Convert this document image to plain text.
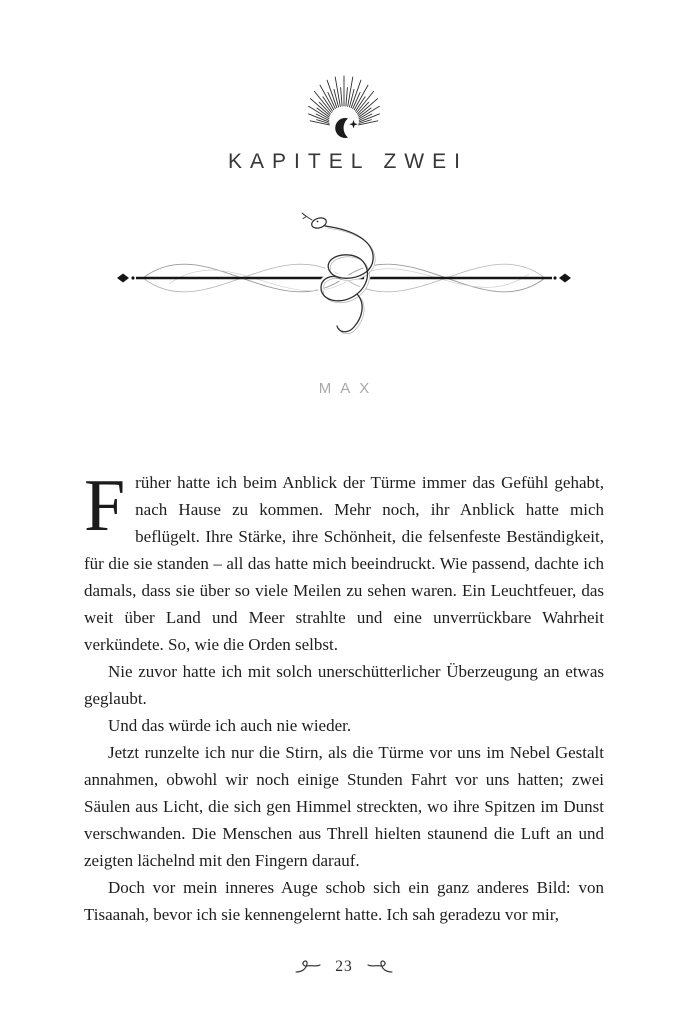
KAPITEL ZWEI
MAX

Früher hatte ich beim Anblick der Türme immer das Gefühl gehabt, nach Hause zu kommen. Mehr noch, ihr Anblick hatte mich beflügelt. Ihre Stärke, ihre Schönheit, die felsenfeste Beständigkeit, für die sie standen – all das hatte mich beeindruckt. Wie passend, dachte ich damals, dass sie über so viele Meilen zu sehen waren. Ein Leuchtfeuer, das weit über Land und Meer strahlte und eine unverrückbare Wahrheit verkündete. So, wie die Orden selbst.

Nie zuvor hatte ich mit solch unerschütterlicher Überzeugung an etwas geglaubt.

Und das würde ich auch nie wieder.

Jetzt runzelte ich nur die Stirn, als die Türme vor uns im Nebel Gestalt annahmen, obwohl wir noch einige Stunden Fahrt vor uns hatten; zwei Säulen aus Licht, die sich gen Himmel streckten, wo ihre Spitzen im Dunst verschwanden. Die Menschen aus Threll hielten staunend die Luft an und zeigten lächelnd mit den Fingern darauf.

Doch vor mein inneres Auge schob sich ein ganz anderes Bild: von Tisaanah, bevor ich sie kennengelernt hatte. Ich sah geradezu vor mir,

23
